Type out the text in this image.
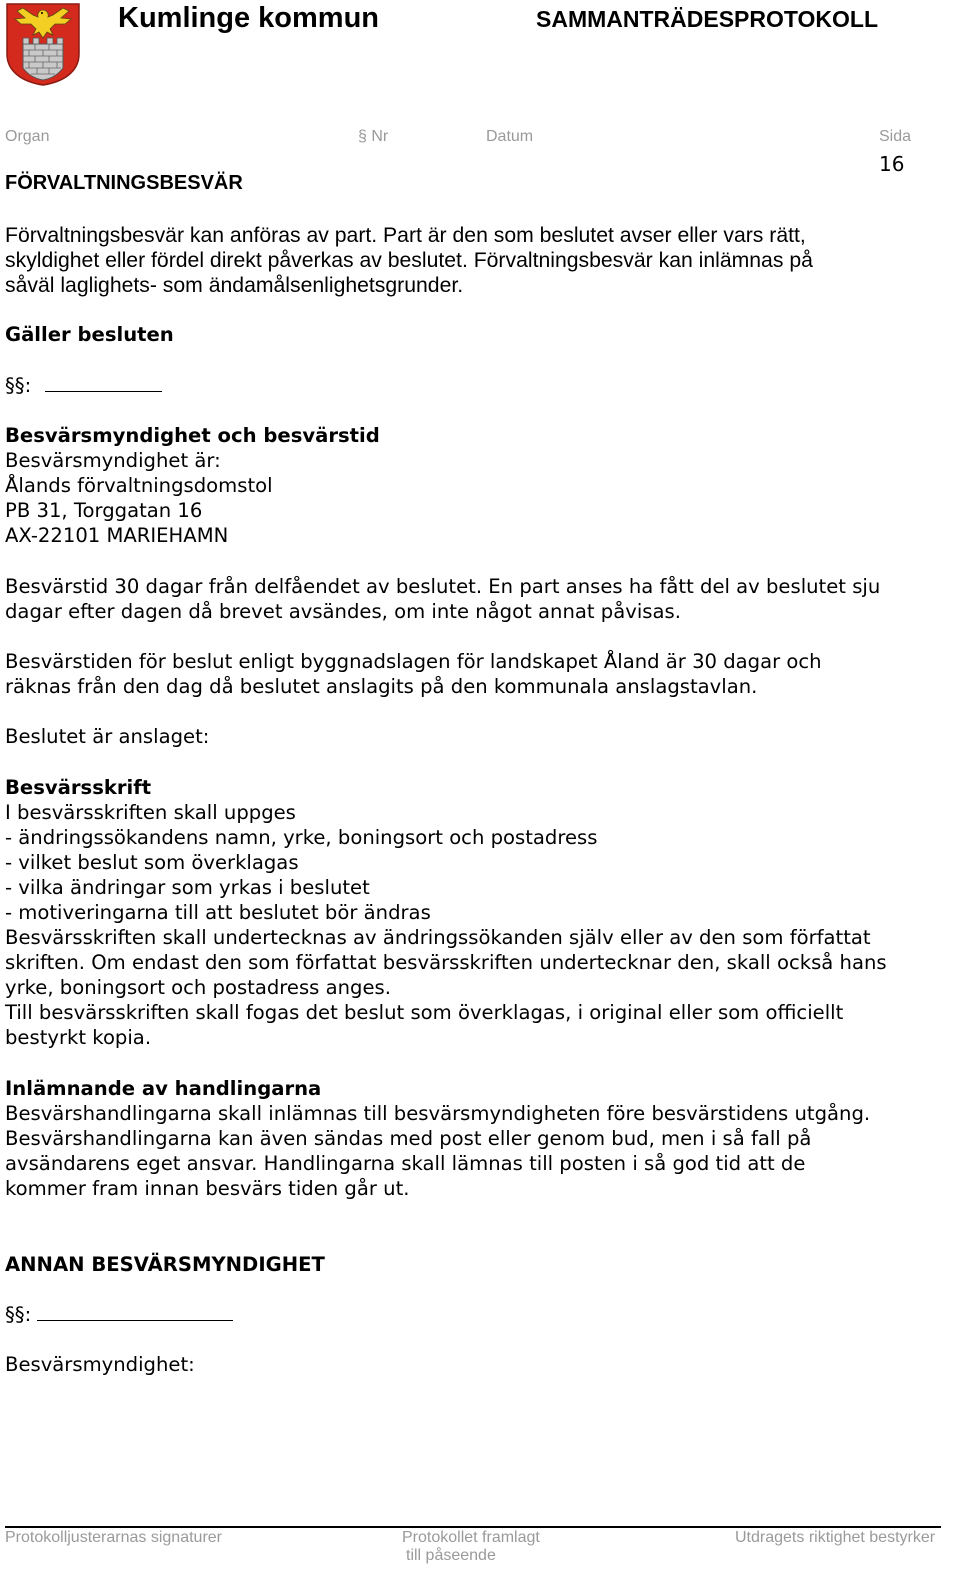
Kumlinge kommun	SAMMANTRÄDESPROTOKOLL
Organ	§ Nr	Datum	Sida
16
FÖRVALTNINGSBESVÄR
Förvaltningsbesvär kan anföras av part. Part är den som beslutet avser eller vars rätt,
skyldighet eller fördel direkt påverkas av beslutet. Förvaltningsbesvär kan inlämnas på
såväl laglighets- som ändamålsenlighetsgrunder.
Gäller besluten
§§:
Besvärsmyndighet och besvärstid
Besvärsmyndighet är:
Ålands förvaltningsdomstol
PB 31, Torggatan 16
AX-22101 MARIEHAMN
Besvärstid 30 dagar från delfåendet av beslutet. En part anses ha fått del av beslutet sju
dagar efter dagen då brevet avsändes, om inte något annat påvisas.
Besvärstiden för beslut enligt byggnadslagen för landskapet Åland är 30 dagar och
räknas från den dag då beslutet anslagits på den kommunala anslagstavlan.
Beslutet är anslaget:
Besvärsskrift
I besvärsskriften skall uppges
- ändringssökandens namn, yrke, boningsort och postadress
- vilket beslut som överklagas
- vilka ändringar som yrkas i beslutet
- motiveringarna till att beslutet bör ändras
Besvärsskriften skall undertecknas av ändringssökanden själv eller av den som författat
skriften. Om endast den som författat besvärsskriften undertecknar den, skall också hans
yrke, boningsort och postadress anges.
Till besvärsskriften skall fogas det beslut som överklagas, i original eller som officiellt
bestyrkt kopia.
Inlämnande av handlingarna
Besvärshandlingarna skall inlämnas till besvärsmyndigheten före besvärstidens utgång.
Besvärshandlingarna kan även sändas med post eller genom bud, men i så fall på
avsändarens eget ansvar. Handlingarna skall lämnas till posten i så god tid att de
kommer fram innan besvärs tiden går ut.
ANNAN BESVÄRSMYNDIGHET
§§:
Besvärsmyndighet:
Protokolljusterarnas signaturer	Protokollet framlagt
till påseende
Utdragets riktighet bestyrker
